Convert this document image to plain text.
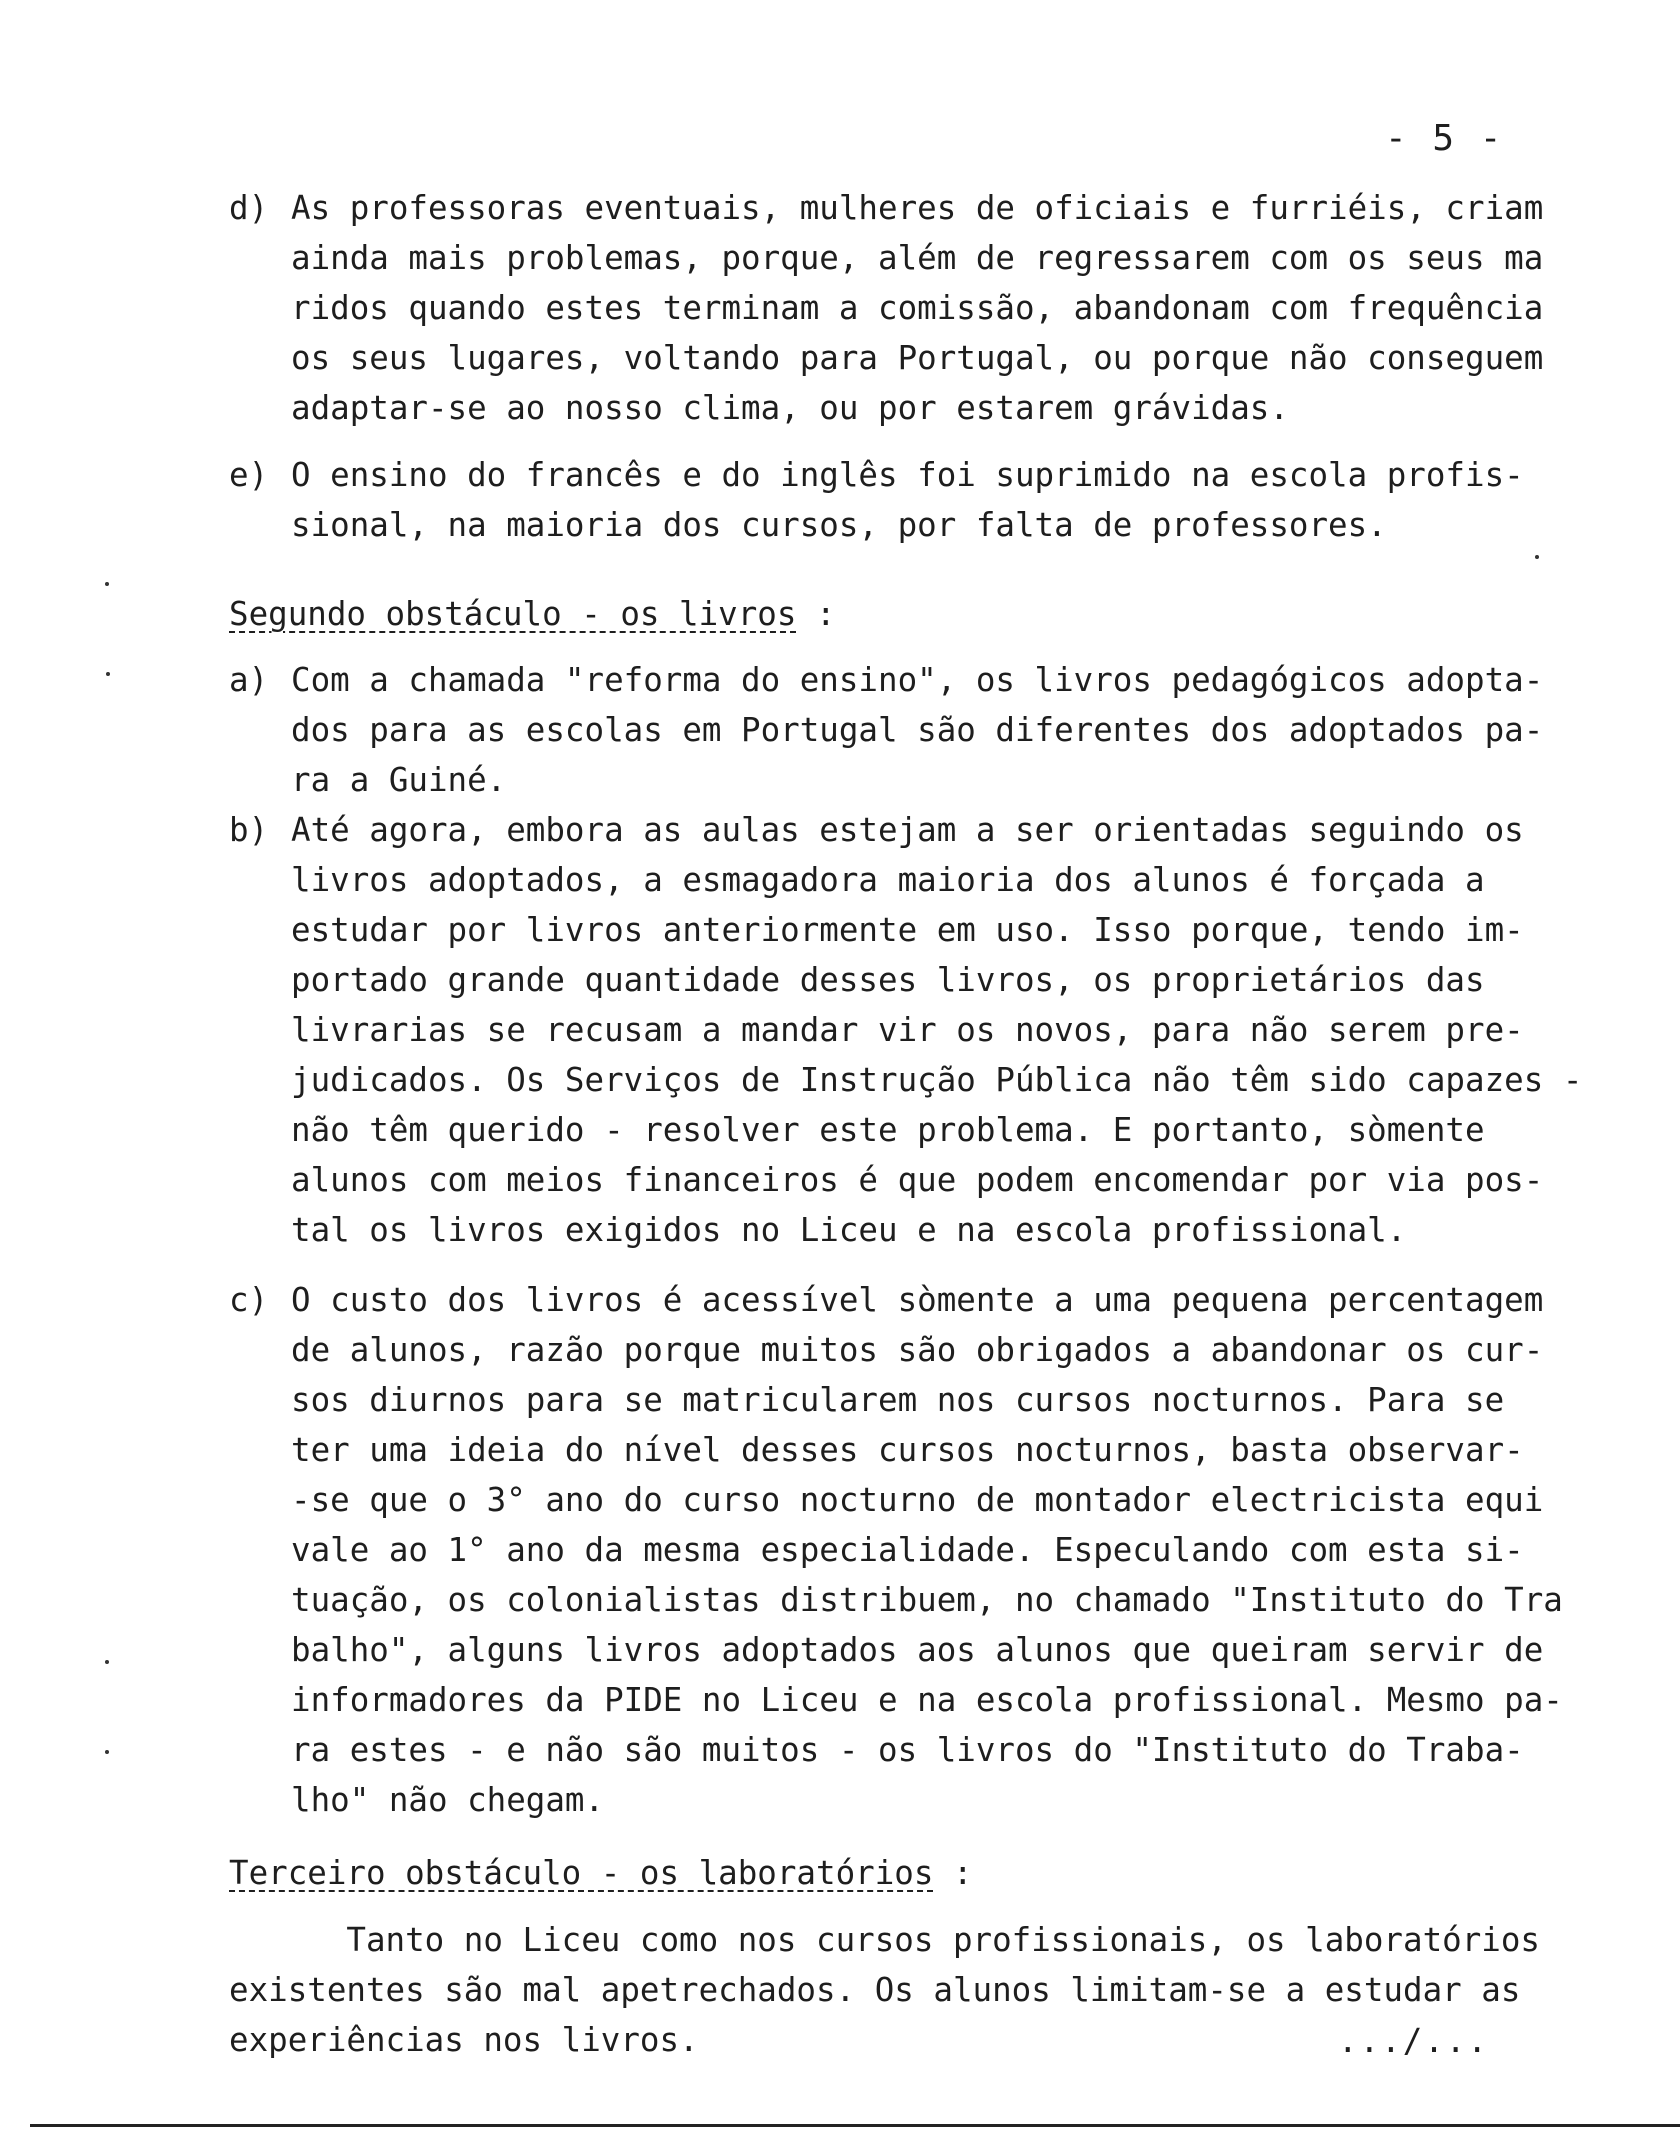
- 5 -
d) As professoras eventuais, mulheres de oficiais e furriéis, criam
ainda mais problemas, porque, além de regressarem com os seus ma
ridos quando estes terminam a comissão, abandonam com frequência
os seus lugares, voltando para Portugal, ou porque não conseguem
adaptar-se ao nosso clima, ou por estarem grávidas.
e) O ensino do francês e do inglês foi suprimido na escola profis-
sional, na maioria dos cursos, por falta de professores.
Segundo obstáculo - os livros :
a) Com a chamada "reforma do ensino", os livros pedagógicos adopta-
dos para as escolas em Portugal são diferentes dos adoptados pa-
ra a Guiné.
b) Até agora, embora as aulas estejam a ser orientadas seguindo os
livros adoptados, a esmagadora maioria dos alunos é forçada a
estudar por livros anteriormente em uso. Isso porque, tendo im-
portado grande quantidade desses livros, os proprietários das
livrarias se recusam a mandar vir os novos, para não serem pre-
judicados. Os Serviços de Instrução Pública não têm sido capazes -
não têm querido - resolver este problema. E portanto, sòmente
alunos com meios financeiros é que podem encomendar por via pos-
tal os livros exigidos no Liceu e na escola profissional.
c) O custo dos livros é acessível sòmente a uma pequena percentagem
de alunos, razão porque muitos são obrigados a abandonar os cur-
sos diurnos para se matricularem nos cursos nocturnos. Para se
ter uma ideia do nível desses cursos nocturnos, basta observar-
-se que o 3° ano do curso nocturno de montador electricista equi
vale ao 1° ano da mesma especialidade. Especulando com esta si-
tuação, os colonialistas distribuem, no chamado "Instituto do Tra
balho", alguns livros adoptados aos alunos que queiram servir de
informadores da PIDE no Liceu e na escola profissional. Mesmo pa-
ra estes - e não são muitos - os livros do "Instituto do Traba-
lho" não chegam.
Terceiro obstáculo - os laboratórios :
Tanto no Liceu como nos cursos profissionais, os laboratórios
existentes são mal apetrechados. Os alunos limitam-se a estudar as
experiências nos livros.	.../...
